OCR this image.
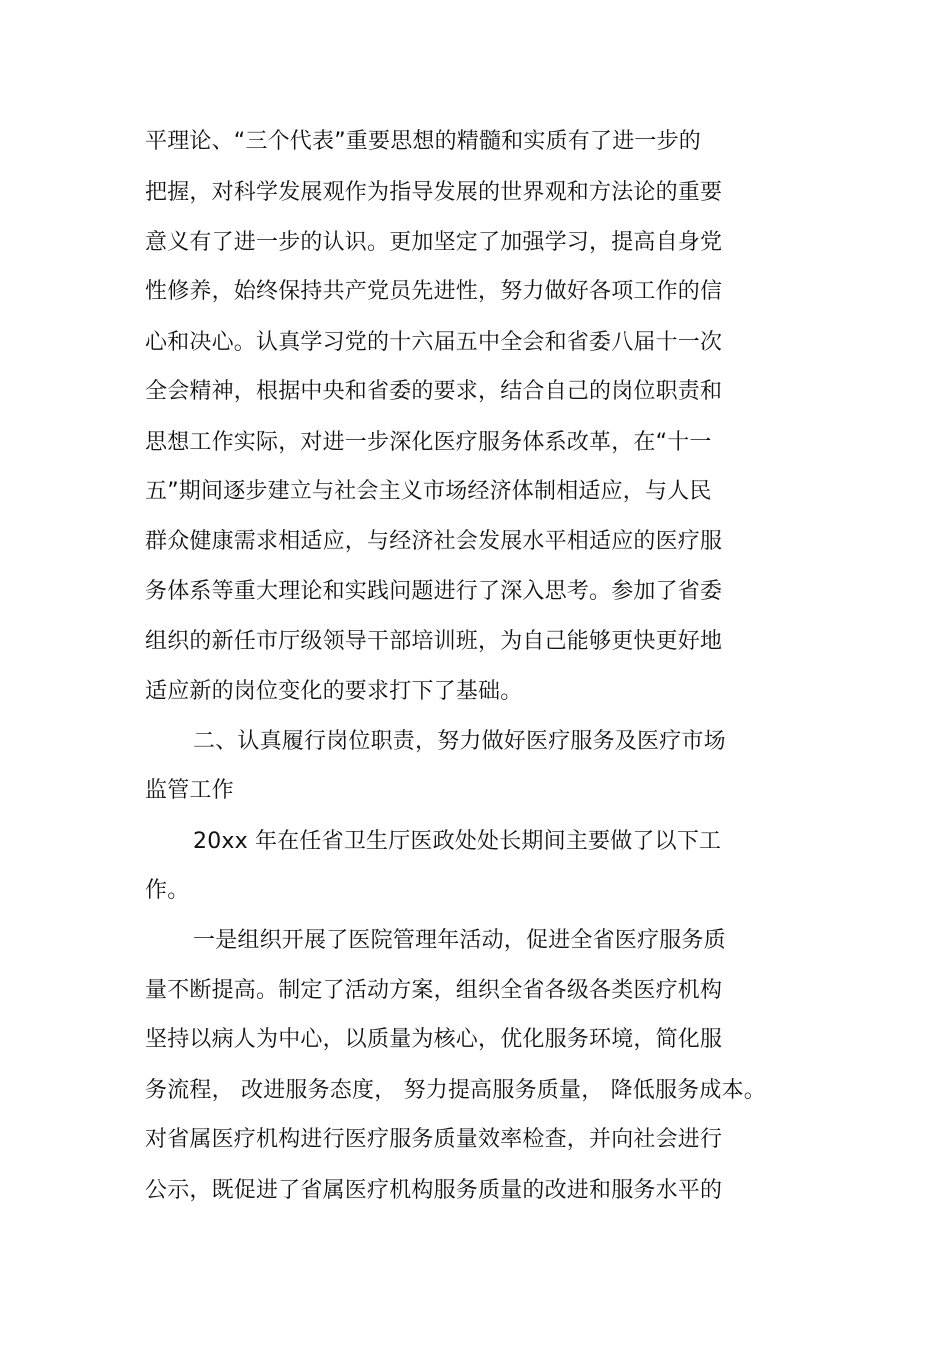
平理论、“三个代表”重要思想的精髓和实质有了进一步的
把握，对科学发展观作为指导发展的世界观和方法论的重要
意义有了进一步的认识。更加坚定了加强学习，提高自身党
性修养，始终保持共产党员先进性，努力做好各项工作的信
心和决心。认真学习党的十六届五中全会和省委八届十一次
全会精神，根据中央和省委的要求，结合自己的岗位职责和
思想工作实际，对进一步深化医疗服务体系改革，在“十一
五”期间逐步建立与社会主义市场经济体制相适应，与人民
群众健康需求相适应，与经济社会发展水平相适应的医疗服
务体系等重大理论和实践问题进行了深入思考。参加了省委
组织的新任市厅级领导干部培训班，为自己能够更快更好地
适应新的岗位变化的要求打下了基础。
二、认真履行岗位职责，努力做好医疗服务及医疗市场
监管工作
20xx 年在任省卫生厅医政处处长期间主要做了以下工
作。
一是组织开展了医院管理年活动，促进全省医疗服务质
量不断提高。制定了活动方案，组织全省各级各类医疗机构
坚持以病人为中心，以质量为核心，优化服务环境，简化服
务流程， 改进服务态度， 努力提高服务质量， 降低服务成本。
对省属医疗机构进行医疗服务质量效率检查，并向社会进行
公示，既促进了省属医疗机构服务质量的改进和服务水平的
